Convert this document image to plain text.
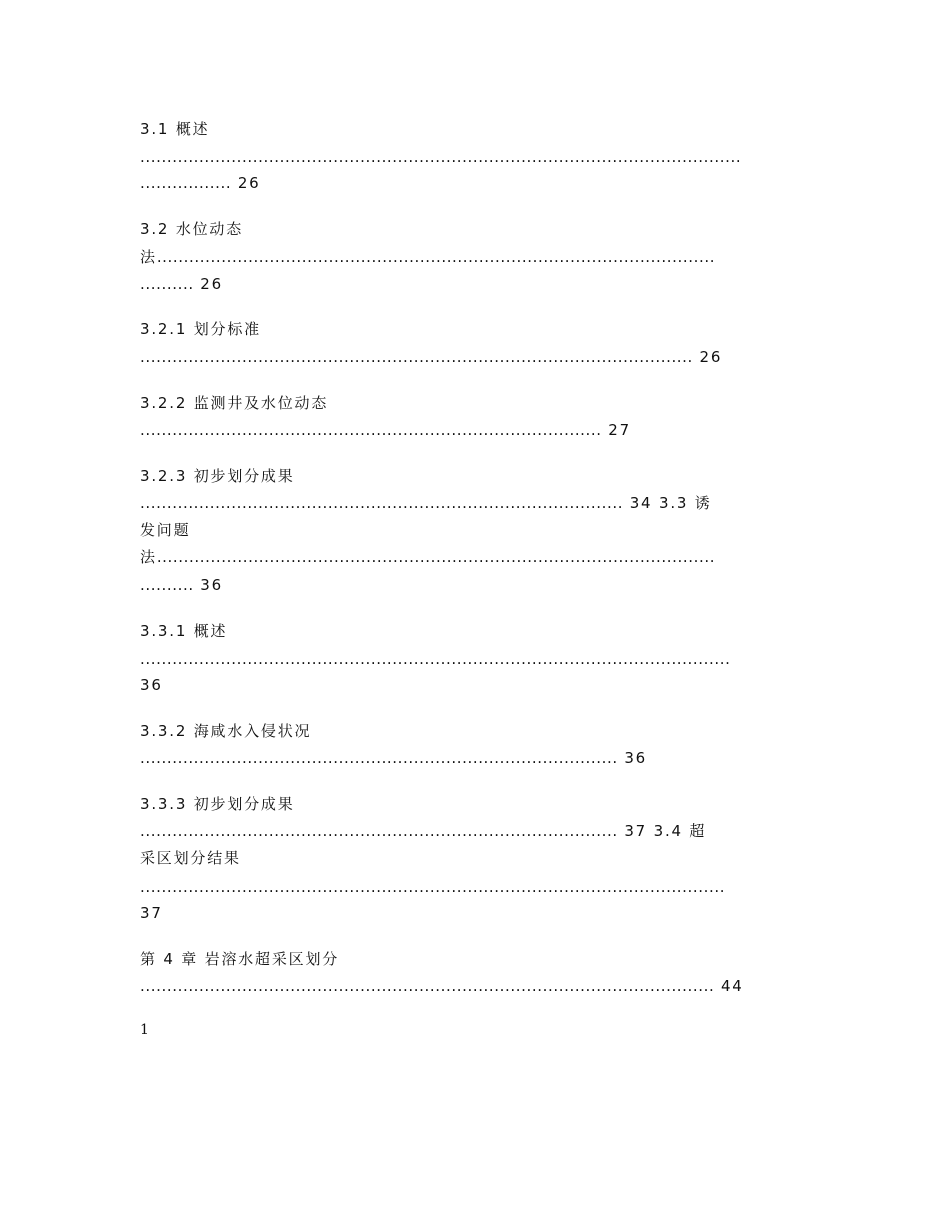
3.1 概述

................................................................................................................

................. 26

3.2 水位动态

法........................................................................................................

.......... 26

3.2.1 划分标准

....................................................................................................... 26

3.2.2 监测井及水位动态

...................................................................................... 27

3.2.3 初步划分成果

.......................................................................................... 34 3.3 诱

发问题

法........................................................................................................

.......... 36

3.3.1 概述

..............................................................................................................

36

3.3.2 海咸水入侵状况

......................................................................................... 36

3.3.3 初步划分成果

......................................................................................... 37 3.4 超

采区划分结果

.............................................................................................................

37

第 4 章 岩溶水超采区划分

........................................................................................................... 44

1
